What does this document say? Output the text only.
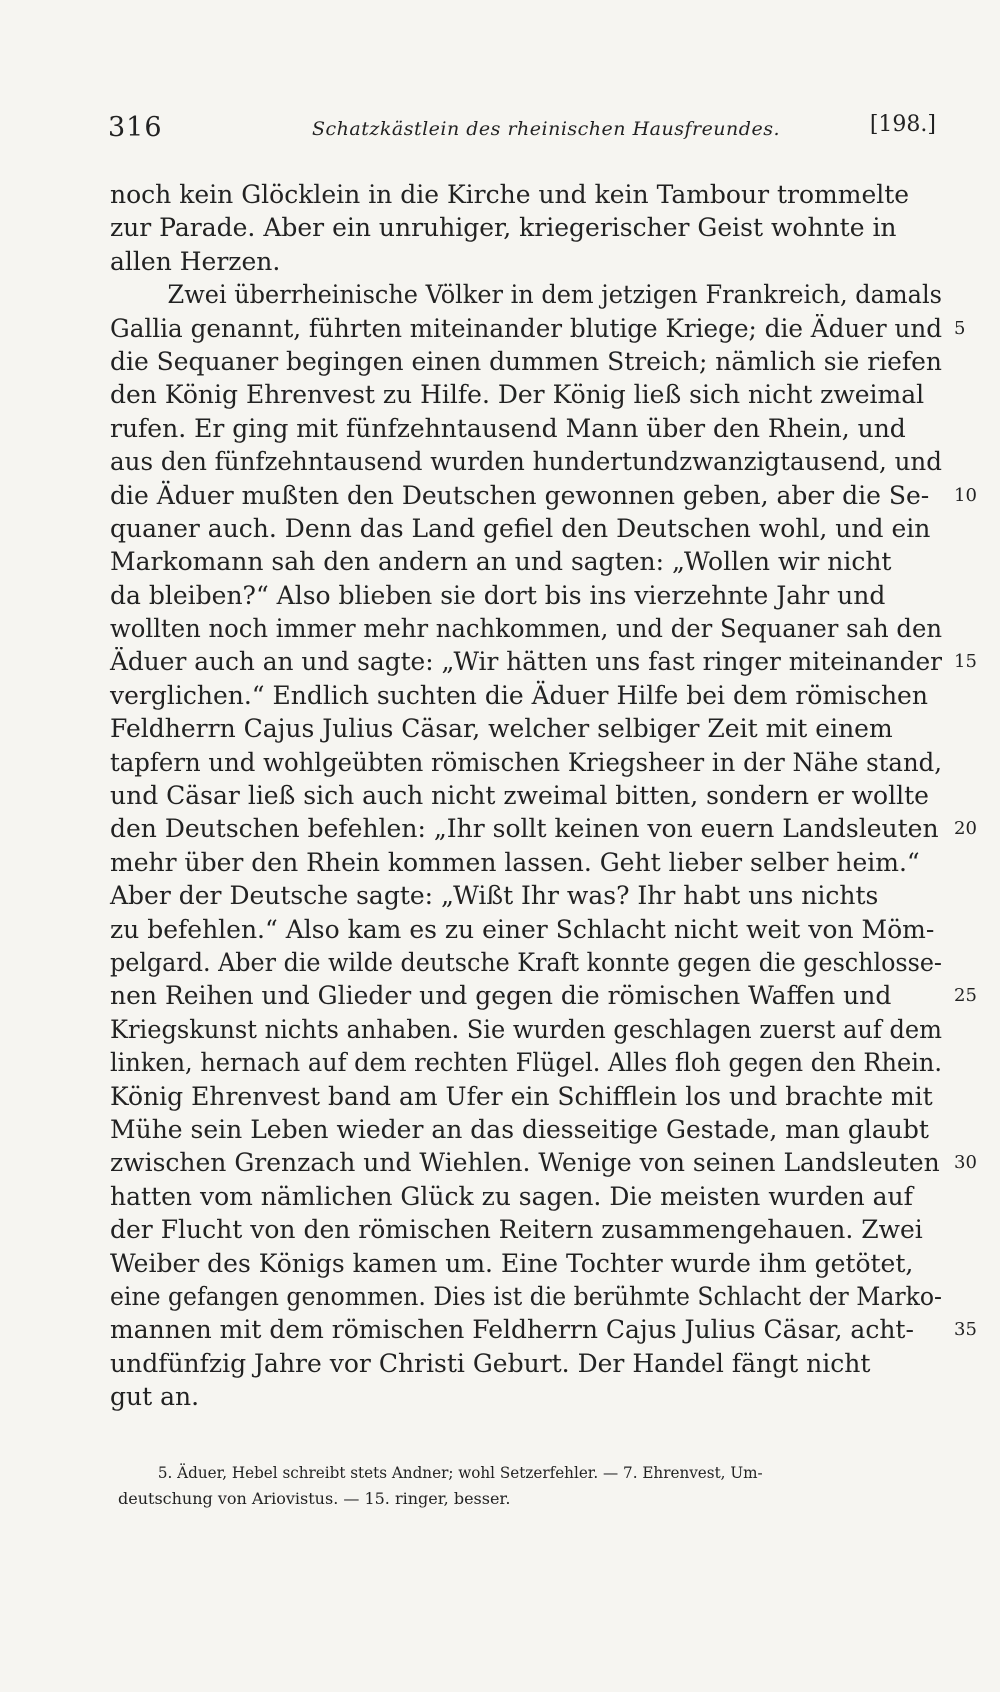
316	Schatzkästlein des rheinischen Hausfreundes.	[198.]
noch kein Glöcklein in die Kirche und kein Tambour trommelte
zur Parade. Aber ein unruhiger, kriegerischer Geist wohnte in
allen Herzen.
Zwei überrheinische Völker in dem jetzigen Frankreich, damals
Gallia genannt, führten miteinander blutige Kriege; die Äduer und 5
die Sequaner begingen einen dummen Streich; nämlich sie riefen
den König Ehrenvest zu Hilfe. Der König ließ sich nicht zweimal
rufen. Er ging mit fünfzehntausend Mann über den Rhein, und
aus den fünfzehntausend wurden hundertundzwanzigtausend, und
die Äduer mußten den Deutschen gewonnen geben, aber die Se- 10
quaner auch. Denn das Land gefiel den Deutschen wohl, und ein
Markomann sah den andern an und sagten: „Wollen wir nicht
da bleiben?“ Also blieben sie dort bis ins vierzehnte Jahr und
wollten noch immer mehr nachkommen, und der Sequaner sah den
Äduer auch an und sagte: „Wir hätten uns fast ringer miteinander 15
verglichen.“ Endlich suchten die Äduer Hilfe bei dem römischen
Feldherrn Cajus Julius Cäsar, welcher selbiger Zeit mit einem
tapfern und wohlgeübten römischen Kriegsheer in der Nähe stand,
und Cäsar ließ sich auch nicht zweimal bitten, sondern er wollte
den Deutschen befehlen: „Ihr sollt keinen von euern Landsleuten 20
mehr über den Rhein kommen lassen. Geht lieber selber heim.“
Aber der Deutsche sagte: „Wißt Ihr was? Ihr habt uns nichts
zu befehlen.“ Also kam es zu einer Schlacht nicht weit von Möm-
pelgard. Aber die wilde deutsche Kraft konnte gegen die geschlosse-
nen Reihen und Glieder und gegen die römischen Waffen und	25
Kriegskunst nichts anhaben. Sie wurden geschlagen zuerst auf dem
linken, hernach auf dem rechten Flügel. Alles floh gegen den Rhein.
König Ehrenvest band am Ufer ein Schifflein los und brachte mit
Mühe sein Leben wieder an das diesseitige Gestade, man glaubt
zwischen Grenzach und Wiehlen. Wenige von seinen Landsleuten 30
hatten vom nämlichen Glück zu sagen. Die meisten wurden auf
der Flucht von den römischen Reitern zusammengehauen. Zwei
Weiber des Königs kamen um. Eine Tochter wurde ihm getötet,
eine gefangen genommen. Dies ist die berühmte Schlacht der Marko-
mannen mit dem römischen Feldherrn Cajus Julius Cäsar, acht- 35
undfünfzig Jahre vor Christi Geburt. Der Handel fängt nicht
gut an.
5. Äduer, Hebel schreibt stets Andner; wohl Setzerfehler. — 7. Ehrenvest, Um-
deutschung von Ariovistus. — 15. ringer, besser.
